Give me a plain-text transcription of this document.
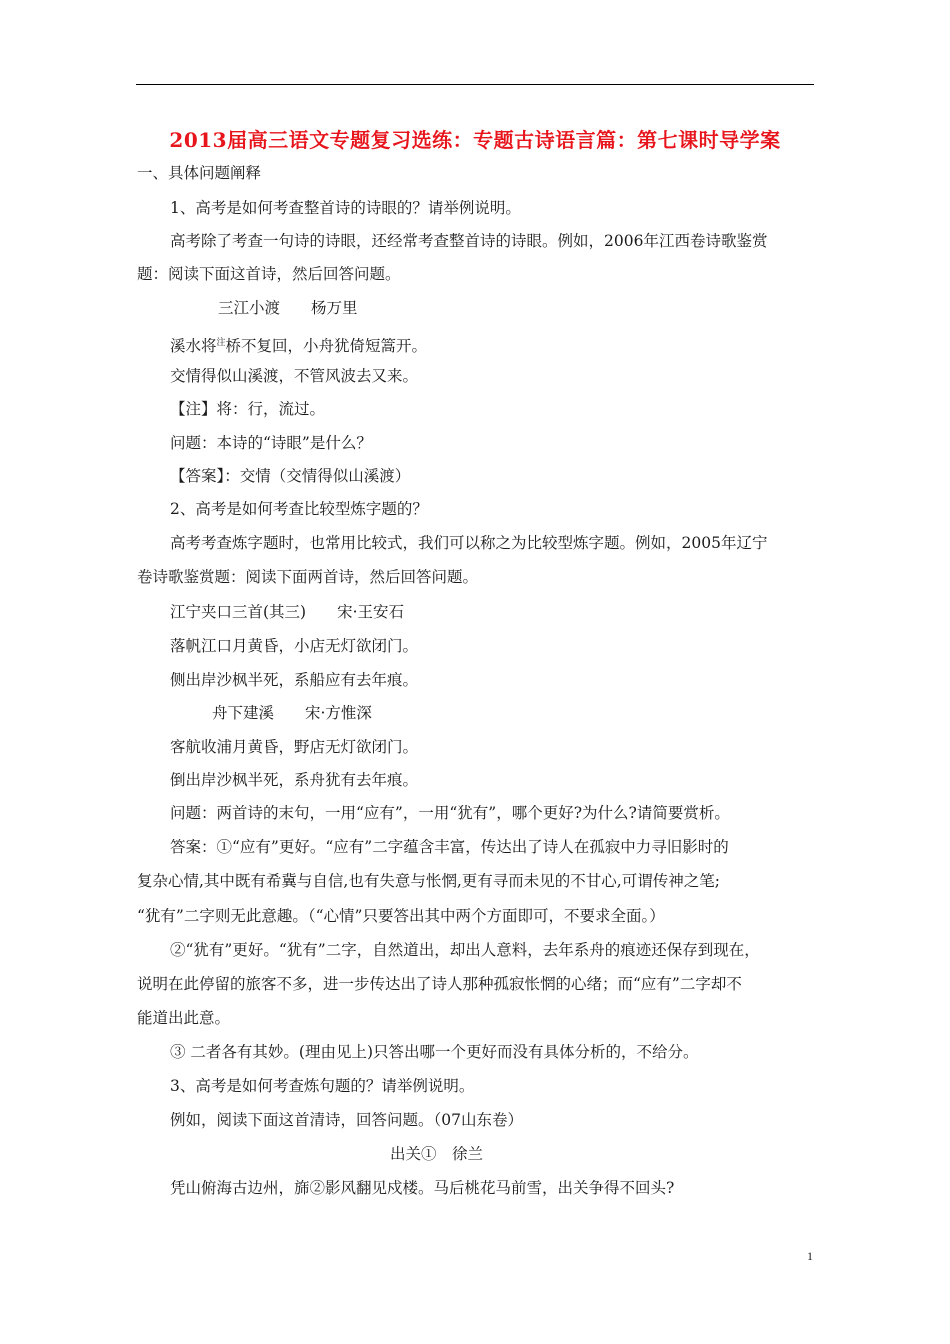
2013届高三语文专题复习选练：专题古诗语言篇：第七课时导学案
一、具体问题阐释
1、高考是如何考查整首诗的诗眼的？请举例说明。
高考除了考查一句诗的诗眼，还经常考查整首诗的诗眼。例如，2006年江西卷诗歌鉴赏
题：阅读下面这首诗，然后回答问题。
三江小渡　　杨万里
溪水将$^注$桥不复回，小舟犹倚短篙开。
交情得似山溪渡，不管风波去又来。
【注】将：行，流过。
问题：本诗的“诗眼”是什么？
【答案】：交情（交情得似山溪渡）
2、高考是如何考查比较型炼字题的？
高考考查炼字题时，也常用比较式，我们可以称之为比较型炼字题。例如，2005年辽宁
卷诗歌鉴赏题：阅读下面两首诗，然后回答问题。
江宁夹口三首(其三)　　宋·王安石
落帆江口月黄昏，小店无灯欲闭门。
侧出岸沙枫半死，系船应有去年痕。
舟下建溪　　宋·方惟深
客航收浦月黄昏，野店无灯欲闭门。
倒出岸沙枫半死，系舟犹有去年痕。
问题：两首诗的末句，一用“应有”，一用“犹有”，哪个更好?为什么?请简要赏析。
答案：①“应有”更好。“应有”二字蕴含丰富，传达出了诗人在孤寂中力寻旧影时的
复杂心情,其中既有希冀与自信,也有失意与怅惘,更有寻而未见的不甘心,可谓传神之笔;
“犹有”二字则无此意趣。（“心情”只要答出其中两个方面即可，不要求全面。）
②“犹有”更好。“犹有”二字，自然道出，却出人意料，去年系舟的痕迹还保存到现在，
说明在此停留的旅客不多，进一步传达出了诗人那种孤寂怅惘的心绪；而“应有”二字却不
能道出此意。
③ 二者各有其妙。(理由见上)只答出哪一个更好而没有具体分析的，不给分。
3、高考是如何考查炼句题的？请举例说明。
例如，阅读下面这首清诗，回答问题。（07山东卷）
出关①　徐兰
凭山俯海古边州，旆②影风翻见戍楼。马后桃花马前雪，出关争得不回头?
1
